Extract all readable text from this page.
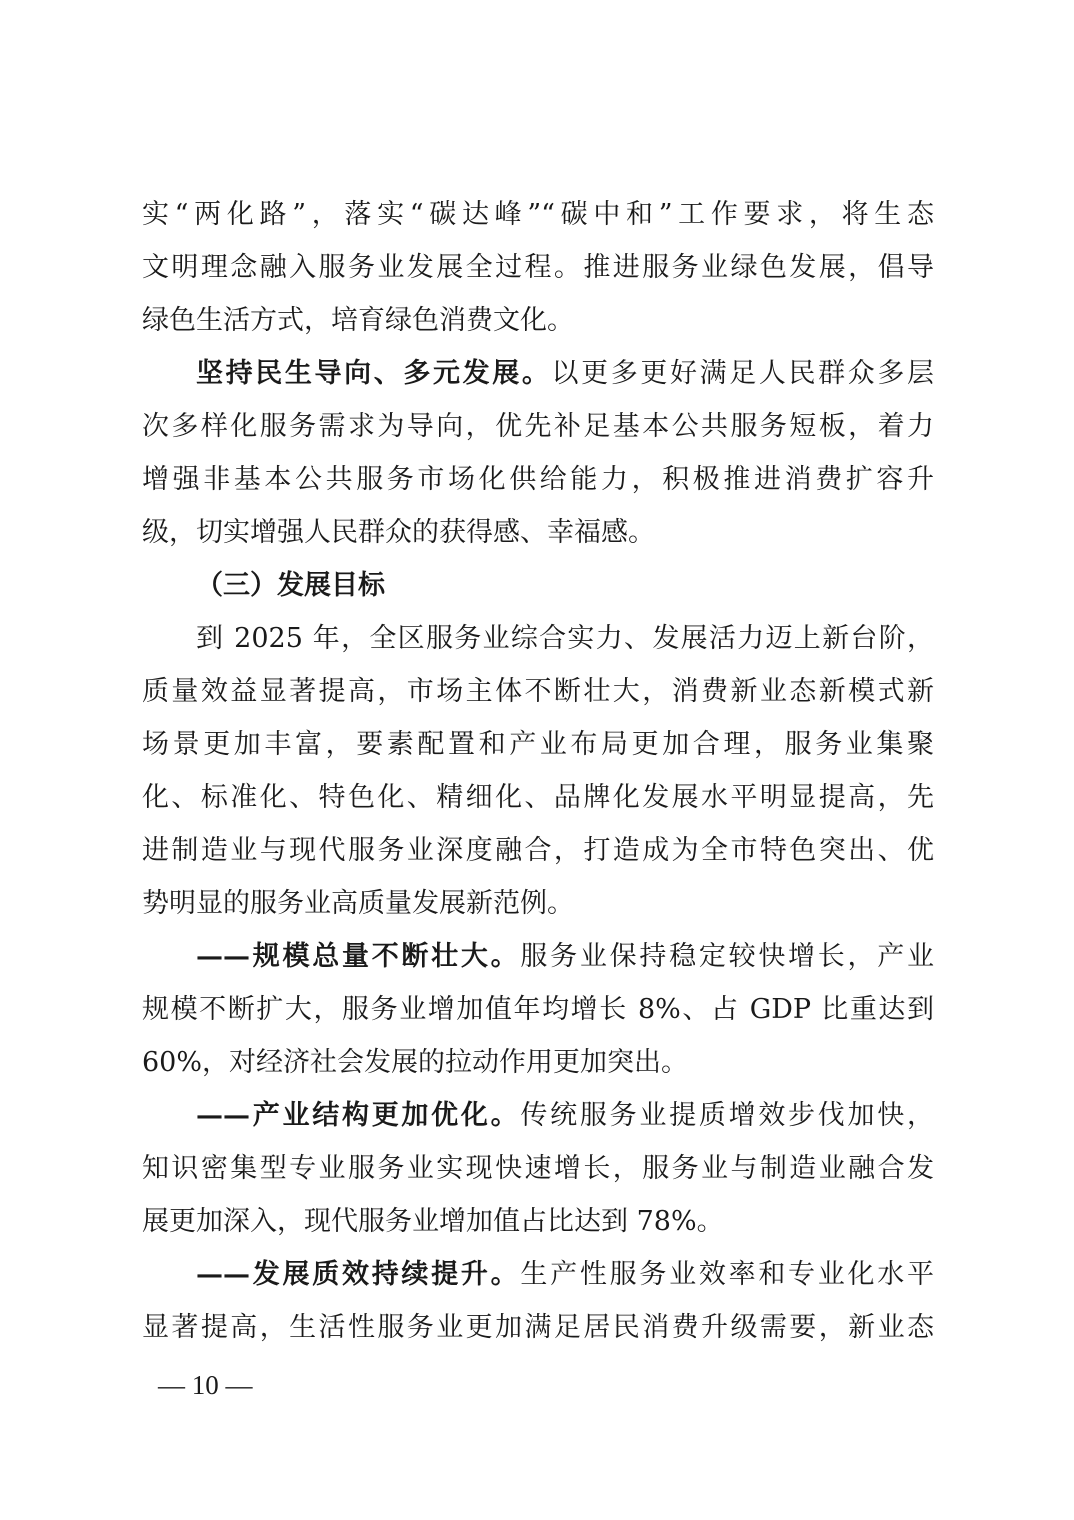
实“两化路”，落实“碳达峰”“碳中和”工作要求，将生态
文明理念融入服务业发展全过程。推进服务业绿色发展，倡导
绿色生活方式，培育绿色消费文化。
坚持民生导向、多元发展。以更多更好满足人民群众多层
次多样化服务需求为导向，优先补足基本公共服务短板，着力
增强非基本公共服务市场化供给能力，积极推进消费扩容升
级，切实增强人民群众的获得感、幸福感。
（三）发展目标
到 2025 年，全区服务业综合实力、发展活力迈上新台阶，
质量效益显著提高，市场主体不断壮大，消费新业态新模式新
场景更加丰富，要素配置和产业布局更加合理，服务业集聚
化、标准化、特色化、精细化、品牌化发展水平明显提高，先
进制造业与现代服务业深度融合，打造成为全市特色突出、优
势明显的服务业高质量发展新范例。
——规模总量不断壮大。服务业保持稳定较快增长，产业
规模不断扩大，服务业增加值年均增长 8%、占 GDP 比重达到
60%，对经济社会发展的拉动作用更加突出。
——产业结构更加优化。传统服务业提质增效步伐加快，
知识密集型专业服务业实现快速增长，服务业与制造业融合发
展更加深入，现代服务业增加值占比达到 78%。
——发展质效持续提升。生产性服务业效率和专业化水平
显著提高，生活性服务业更加满足居民消费升级需要，新业态
— 10 —
